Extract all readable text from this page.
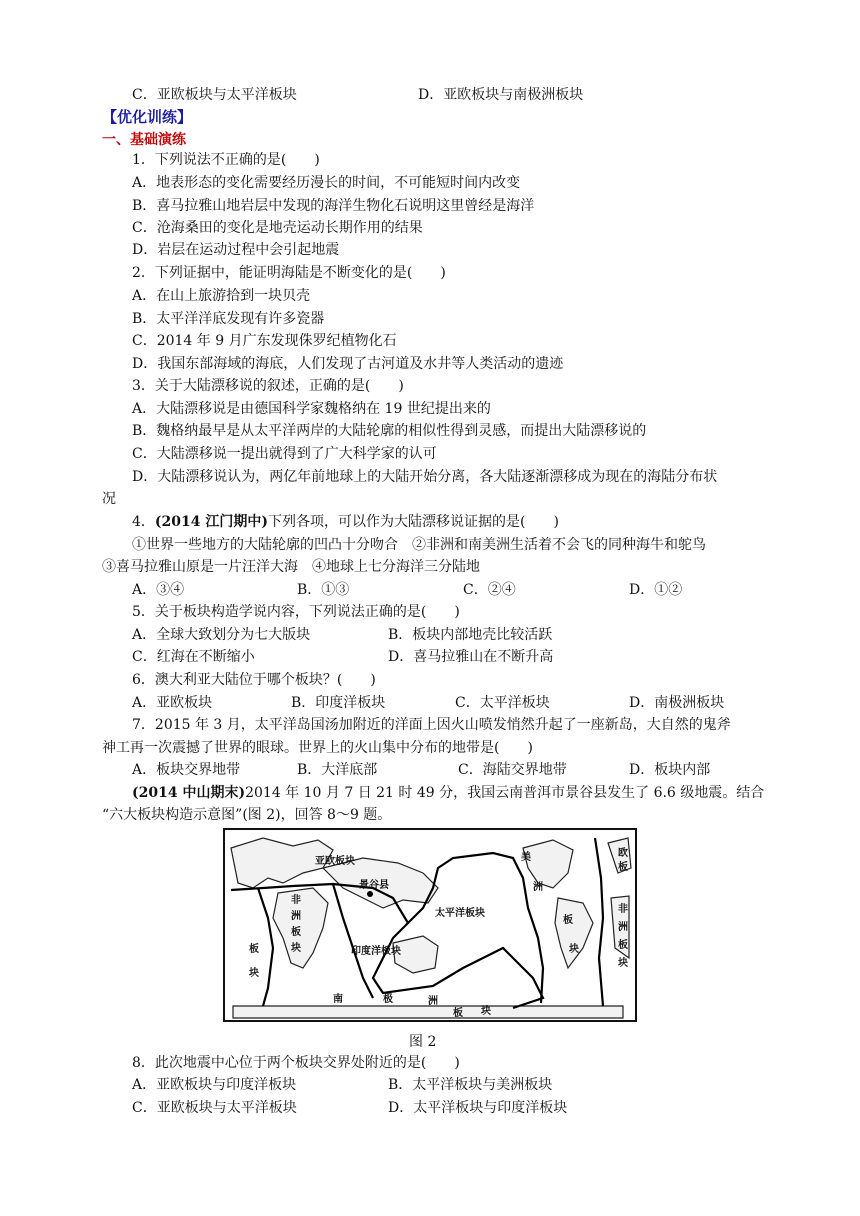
C．亚欧板块与太平洋板块	D．亚欧板块与南极洲板块
【优化训练】
一、基础演练
1．下列说法不正确的是(　　)
A．地表形态的变化需要经历漫长的时间，不可能短时间内改变
B．喜马拉雅山地岩层中发现的海洋生物化石说明这里曾经是海洋
C．沧海桑田的变化是地壳运动长期作用的结果
D．岩层在运动过程中会引起地震
2．下列证据中，能证明海陆是不断变化的是(　　)
A．在山上旅游拾到一块贝壳
B．太平洋洋底发现有许多瓷器
C．2014 年 9 月广东发现侏罗纪植物化石
D．我国东部海域的海底，人们发现了古河道及水井等人类活动的遗迹
3．关于大陆漂移说的叙述，正确的是(　　)
A．大陆漂移说是由德国科学家魏格纳在 19 世纪提出来的
B．魏格纳最早是从太平洋两岸的大陆轮廓的相似性得到灵感，而提出大陆漂移说的
C．大陆漂移说一提出就得到了广大科学家的认可
D．大陆漂移说认为，两亿年前地球上的大陆开始分离，各大陆逐渐漂移成为现在的海陆分布状
况
4．(2014 江门期中)下列各项，可以作为大陆漂移说证据的是(　　)
①世界一些地方的大陆轮廓的凹凸十分吻合　②非洲和南美洲生活着不会飞的同种海牛和鸵鸟
③喜马拉雅山原是一片汪洋大海　④地球上七分海洋三分陆地
A．③④	B．①③	C．②④	D．①②
5．关于板块构造学说内容，下列说法正确的是(　　)
A．全球大致划分为七大版块	B．板块内部地壳比较活跃
C．红海在不断缩小	D．喜马拉雅山在不断升高
6．澳大利亚大陆位于哪个板块？(　　)
A．亚欧板块	B．印度洋板块	C．太平洋板块	D．南极洲板块
7．2015 年 3 月，太平洋岛国汤加附近的洋面上因火山喷发悄然升起了一座新岛，大自然的鬼斧
神工再一次震撼了世界的眼球。世界上的火山集中分布的地带是(　　)
A．板块交界地带	B．大洋底部	C．海陆交界地带	D．板块内部
(2014 中山期末)2014 年 10 月 7 日 21 时 49 分，我国云南普洱市景谷县发生了 6.6 级地震。结合
“六大板块构造示意图”(图 2)，回答 8～9 题。
亚欧板块
景谷县
太平洋板块
印度洋板块
非
洲
板
块
美
洲
板
块
南	极	洲
板 块
板
块
欧
板
非
洲
板
块
图 2
8．此次地震中心位于两个板块交界处附近的是(　　)
A．亚欧板块与印度洋板块	B．太平洋板块与美洲板块
C．亚欧板块与太平洋板块	D．太平洋板块与印度洋板块
